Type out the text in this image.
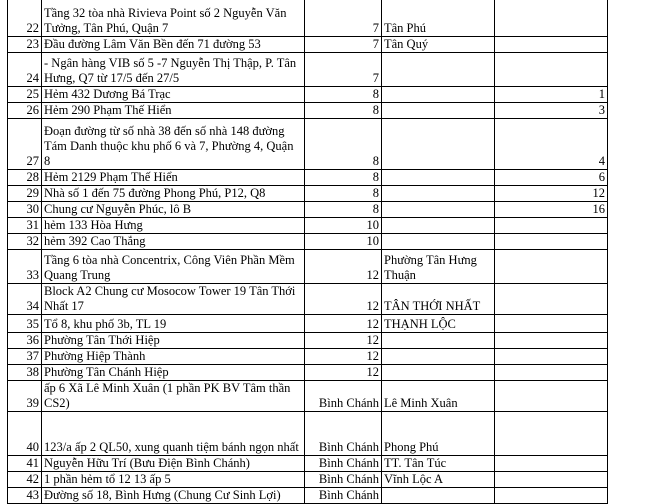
22	Tầng 32 tòa nhà Rivieva Point số 2 Nguyễn Văn Tưởng, Tân Phú, Quận 7	7	Tân Phú	
23	Đầu đường Lâm Văn Bền đến 71 đường 53	7	Tân Quý	
24	- Ngân hàng VIB số 5 -7 Nguyễn Thị Thập, P. Tân Hưng, Q7 từ 17/5 đến 27/5	7		
25	Hẻm 432 Dương Bá Trạc	8		1
26	Hẻm 290 Phạm Thế Hiển	8		3
27	Đoạn đường từ số nhà 38 đến số nhà 148 đường Tám Danh thuộc khu phố 6 và 7, Phường 4, Quận 8	8		4
28	Hẻm 2129 Phạm Thế Hiển	8		6
29	Nhà số 1 đến 75 đường Phong Phú, P12, Q8	8		12
30	Chung cư Nguyễn Phúc, lô B	8		16
31	hẻm 133 Hòa Hưng	10		
32	hẻm 392 Cao Thắng	10		
33	Tầng 6 tòa nhà Concentrix, Công Viên Phần Mềm Quang Trung	12	Phường Tân Hưng Thuận	
34	Block A2 Chung cư Mosocow Tower 19 Tân Thới Nhất 17	12	TÂN THỚI NHẤT	
35	Tổ 8, khu phố 3b, TL 19	12	THẠNH LỘC	
36	Phường Tân Thới Hiệp	12		
37	Phường Hiệp Thành	12		
38	Phường Tân Chánh Hiệp	12		
39	ấp 6 Xã Lê Minh Xuân (1 phần PK BV Tâm thần CS2)	Bình Chánh	Lê Minh Xuân	
40	123/a ấp 2 QL50, xung quanh tiệm bánh ngọn nhất	Bình Chánh	Phong Phú	
41	Nguyễn Hữu Trí (Bưu Điện Bình Chánh)	Bình Chánh	TT. Tân Túc	
42	1 phần hẻm tổ 12 13 ấp 5	Bình Chánh	Vĩnh Lộc A	
43	Đường số 18, Bình Hưng (Chung Cư Sinh Lợi)	Bình Chánh		
